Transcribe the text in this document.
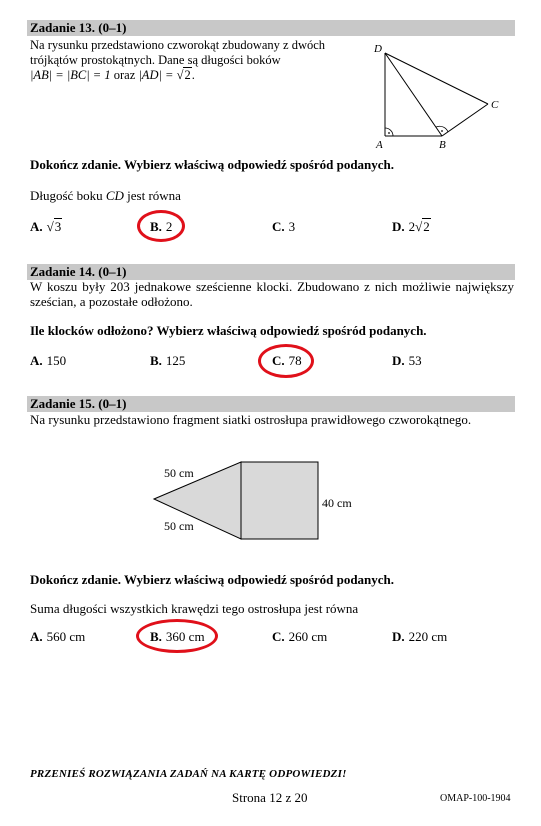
Zadanie 13. (0–1)
Na rysunku przedstawiono czworokąt zbudowany z dwóch
trójkątów prostokątnych. Dane są długości boków
|AB| = |BC| = 1 oraz |AD| = √2.
D
A	B
C
Dokończ zdanie. Wybierz właściwą odpowiedź spośród podanych.
Długość boku CD jest równa
A. √3	B. 2	C. 3	D. 2√2
Zadanie 14. (0–1)
W koszu były 203 jednakowe sześcienne klocki. Zbudowano z nich możliwie największy
sześcian, a pozostałe odłożono.
Ile klocków odłożono? Wybierz właściwą odpowiedź spośród podanych.
A. 150	B. 125	C. 78	D. 53
Zadanie 15. (0–1)
Na rysunku przedstawiono fragment siatki ostrosłupa prawidłowego czworokątnego.
50 cm
50 cm
40 cm
Dokończ zdanie. Wybierz właściwą odpowiedź spośród podanych.
Suma długości wszystkich krawędzi tego ostrosłupa jest równa
A. 560 cm	B. 360 cm	C. 260 cm	D. 220 cm
PRZENIEŚ ROZWIĄZANIA ZADAŃ NA KARTĘ ODPOWIEDZI!
Strona 12 z 20	OMAP-100-1904
